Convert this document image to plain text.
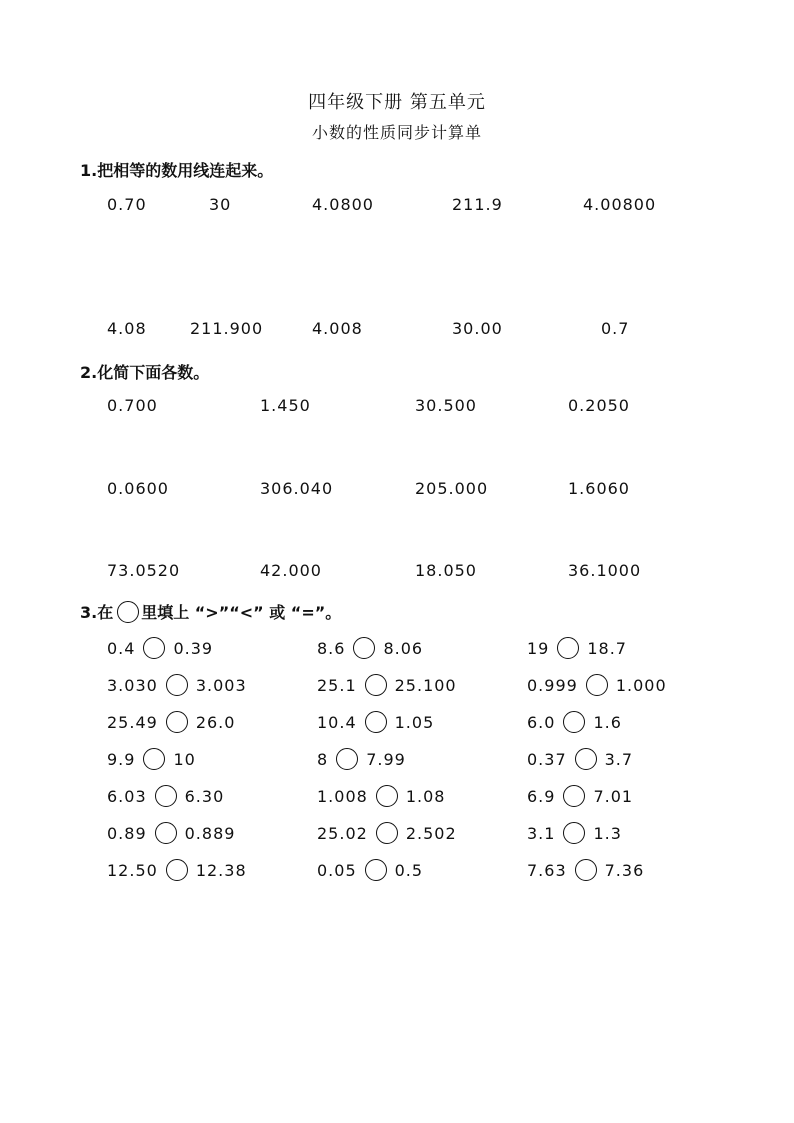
四年级下册 第五单元
小数的性质同步计算单
1.把相等的数用线连起来。
0.70	30	4.0800	211.9	4.00800
4.08	211.900	4.008	30.00	0.7
2.化简下面各数。
0.700	1.450	30.500	0.2050
0.0600	306.040	205.000	1.6060
73.0520	42.000	18.050	36.1000
3.在 里填上 “>”“<” 或 “=”。
0.4 0.39	8.6 8.06	19 18.7
3.030 3.003	25.1 25.100	0.999 1.000
25.49 26.0	10.4 1.05	6.0 1.6
9.9 10	8 7.99	0.37 3.7
6.03 6.30	1.008 1.08	6.9 7.01
0.89 0.889	25.02 2.502	3.1 1.3
12.50 12.38	0.05 0.5	7.63 7.36
